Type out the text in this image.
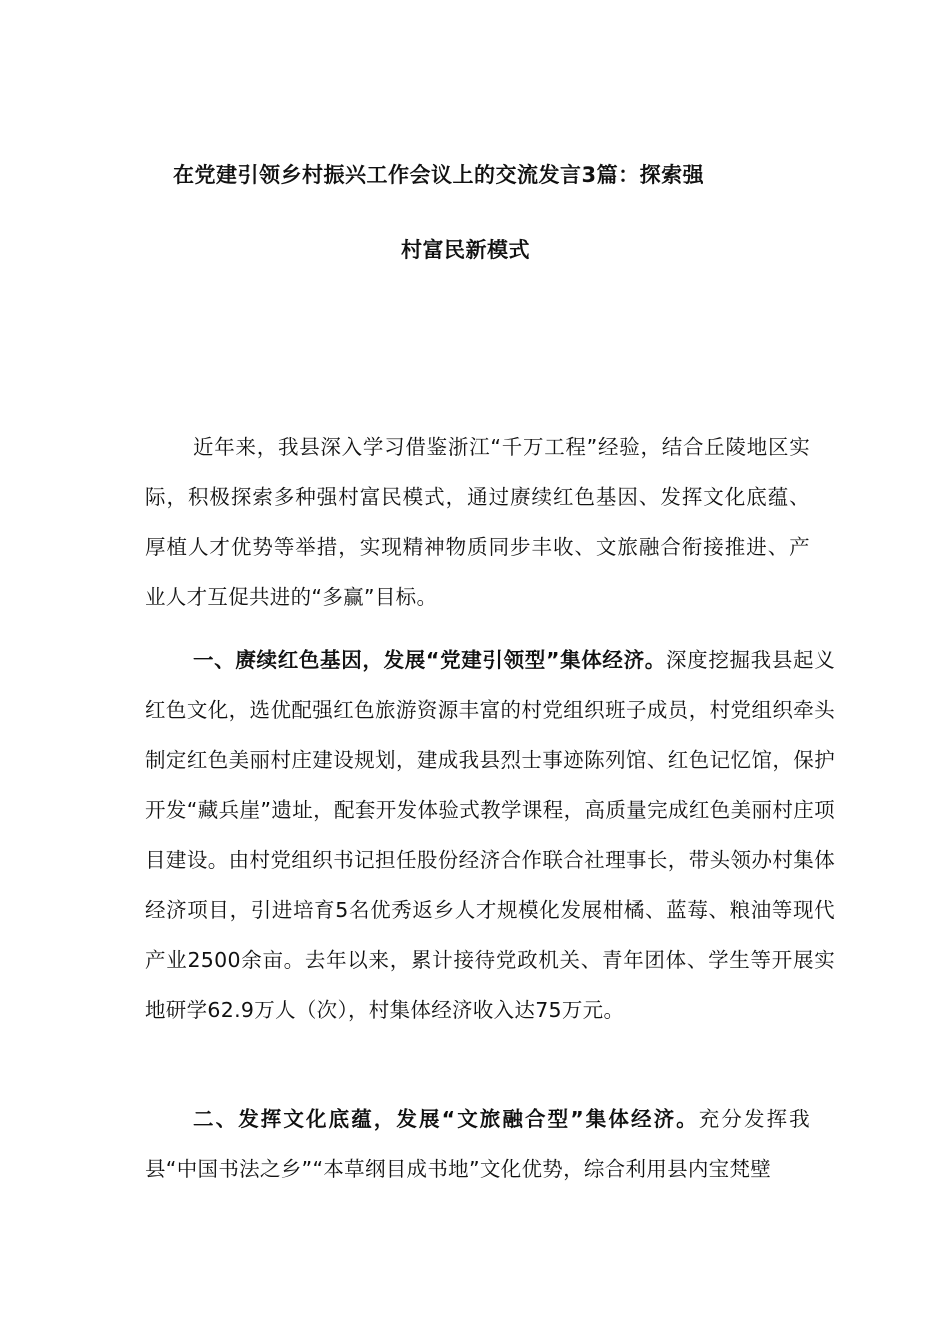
在党建引领乡村振兴工作会议上的交流发言3篇：探索强
村富民新模式

近年来，我县深入学习借鉴浙江“千万工程”经验，结合丘陵地区实际，积极探索多种强村富民模式，通过赓续红色基因、发挥文化底蕴、厚植人才优势等举措，实现精神物质同步丰收、文旅融合衔接推进、产业人才互促共进的“多赢”目标。

一、赓续红色基因，发展“党建引领型”集体经济。深度挖掘我县起义红色文化，选优配强红色旅游资源丰富的村党组织班子成员，村党组织牵头制定红色美丽村庄建设规划，建成我县烈士事迹陈列馆、红色记忆馆，保护开发“藏兵崖”遗址，配套开发体验式教学课程，高质量完成红色美丽村庄项目建设。由村党组织书记担任股份经济合作联合社理事长，带头领办村集体经济项目，引进培育5名优秀返乡人才规模化发展柑橘、蓝莓、粮油等现代产业2500余亩。去年以来，累计接待党政机关、青年团体、学生等开展实地研学62.9万人（次），村集体经济收入达75万元。

二、发挥文化底蕴，发展“文旅融合型”集体经济。充分发挥我县“中国书法之乡”“本草纲目成书地”文化优势，综合利用县内宝梵壁
